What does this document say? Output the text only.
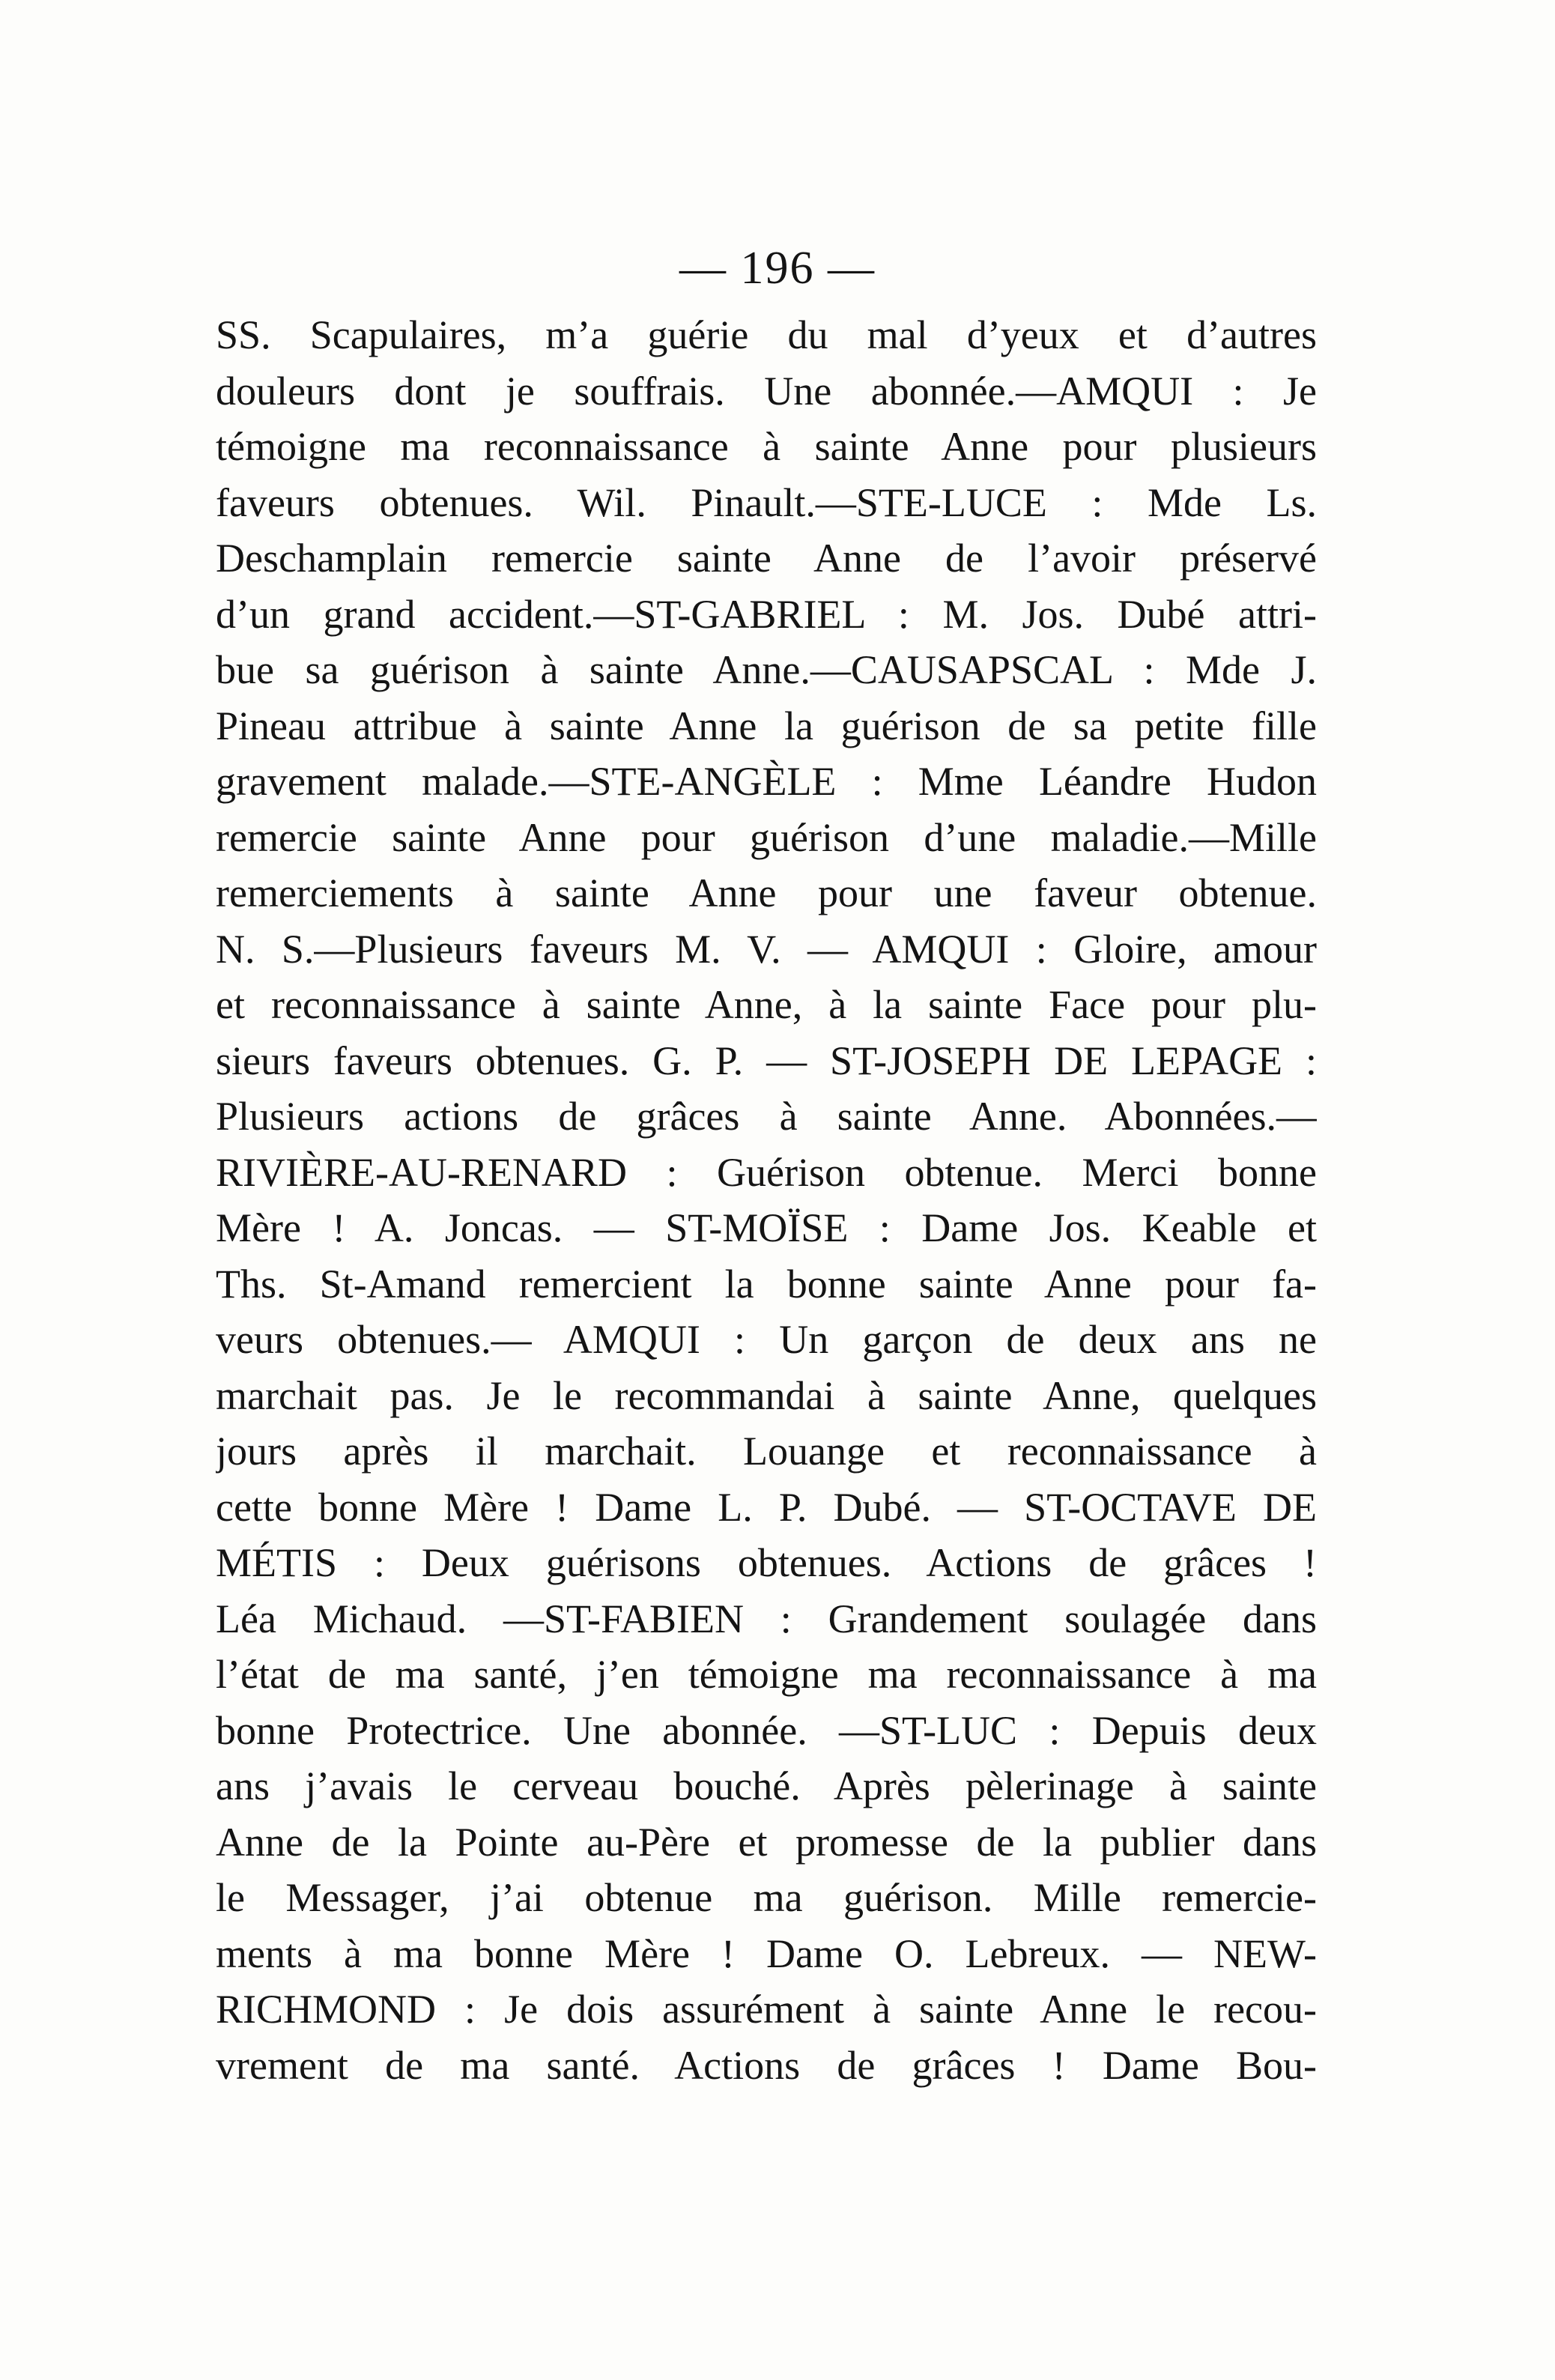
— 196 —
SS. Scapulaires, m’a guérie du mal d’yeux et d’autres
douleurs dont je souffrais. Une abonnée.—AMQUI : Je
témoigne ma reconnaissance à sainte Anne pour plusieurs
faveurs obtenues. Wil. Pinault.—STE-LUCE : Mde Ls.
Deschamplain remercie sainte Anne de l’avoir préservé
d’un grand accident.—ST-GABRIEL : M. Jos. Dubé attri-
bue sa guérison à sainte Anne.—CAUSAPSCAL : Mde J.
Pineau attribue à sainte Anne la guérison de sa petite fille
gravement malade.—STE-ANGÈLE : Mme Léandre Hudon
remercie sainte Anne pour guérison d’une maladie.—Mille
remerciements à sainte Anne pour une faveur obtenue.
N. S.—Plusieurs faveurs M. V. — AMQUI : Gloire, amour
et reconnaissance à sainte Anne, à la sainte Face pour plu-
sieurs faveurs obtenues. G. P. — ST-JOSEPH DE LEPAGE :
Plusieurs actions de grâces à sainte Anne. Abonnées.—
RIVIÈRE-AU-RENARD : Guérison obtenue. Merci bonne
Mère ! A. Joncas. — ST-MOÏSE : Dame Jos. Keable et
Ths. St-Amand remercient la bonne sainte Anne pour fa-
veurs obtenues.— AMQUI : Un garçon de deux ans ne
marchait pas. Je le recommandai à sainte Anne, quelques
jours après il marchait. Louange et reconnaissance à
cette bonne Mère ! Dame L. P. Dubé. — ST-OCTAVE DE
MÉTIS : Deux guérisons obtenues. Actions de grâces !
Léa Michaud. —ST-FABIEN : Grandement soulagée dans
l’état de ma santé, j’en témoigne ma reconnaissance à ma
bonne Protectrice. Une abonnée. —ST-LUC : Depuis deux
ans j’avais le cerveau bouché. Après pèlerinage à sainte
Anne de la Pointe au-Père et promesse de la publier dans
le Messager, j’ai obtenue ma guérison. Mille remercie-
ments à ma bonne Mère ! Dame O. Lebreux. — NEW-
RICHMOND : Je dois assurément à sainte Anne le recou-
vrement de ma santé. Actions de grâces ! Dame Bou-
